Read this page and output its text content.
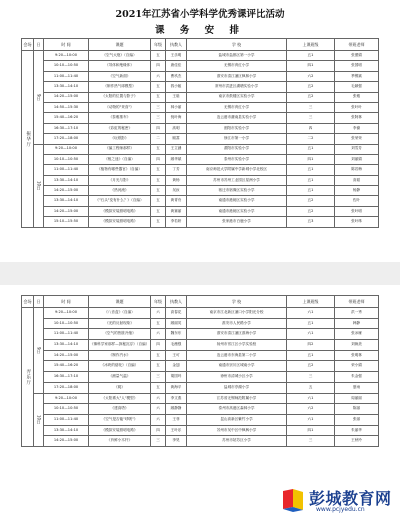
2021年江苏省小学科学优秀课评比活动
课 务 安 排
会场	日	时 间	课题	年级	执教人	学 校	上课班级	带班老师
振华厅	9日	9:20—10:00	《空气大炮》（自编）	五	王乐明	盐城市盐都区第一小学	五1	张蕾娟
		10:10—10:50	《导体和绝缘体》	四	唐佳佳	无锡市育红小学	四1	张国明
		11:00—11:40	《空气新面》	六	曹玖杰	淮安市清江浦区枫林小学	六2	季锡斌
		13:30—14:10	《制作热气球模型》	五	钱小姬	常州市武进区湖塘实验小学	五2	毛颖强
		14:20—15:00	《太阳的位置与影子》	五	王晗	南京市鼓楼区实验小学	五2	张雅
		14:50—15:30	《动物的"采食"》	三	林小丽	无锡市育红小学	三	张叶叶
		15:40—16:20	《泰雅推车》	三	倪叶海	连云港市灌南县实验小学	三	张阿林
		16:30—17:10	《彩虹的秘密》	四	高明	泗阳市实验小学	四	李谢
		17:20—18:00	《玩纸影》	二	顾蒿	徐江市第一小学	二2	张荣荣
	10日	9:20—10:00	《编工程师那样》	五	王立涵	溧阳市实验小学	五1	刘雪芳
		10:10—10:50	《相之迷》（自编）	四	顾华斌	泰州市实验小学	四1	刘丽娟
		11:00—11:40	《植物有哪些器官》（自编）	五	丁芳	南京师范大学附属中学新城小学北校区	五1	陈若梅
		13:30—14:10	《月光与影》	五	黄杨	苏州市苏州工业园区星洲小学	五1	高韬
		14:20—15:00	《热河流》	五	吴汝	宿迁市宿豫区实验小学	五1	杨静
		13:30—14:10	《"石头"变有什么？》（自编）	五	黄青舟	南通市港闸区实验小学	五2	佐叶
		14:20—15:00	《模拟安装照明电路》	五	黄赛丽	南通市港闸区实验小学	五2	张叶明
		15:10—15:50	《模拟安装照明电路》	五	李若妍	张家港市白鹿小学	五3	张叶珠
会场	日	时 间	课题	年级	执教人	学 校	上课班级	带班老师
弄乐厅	9日	9:20—10:00	《八音盒》（自编）	六	高春花	南京市江北新区浦口小学阳光分校	六1	洪一秀
		10:10—10:50	《光的反射现象》	五	顾丽英	淮安市人民路小学	五1	韩静
		11:00—11:40	《空气的热胀冷缩》	六	魏东东	淮安市清江浦区淮海小学	六1	张冰雁
		13:30—14:10	《像科学家那样—探秘沉浮》（自编）	四	毛薇强	扬州市邗江区小学实验校	四2	刘焕美
		14:20—15:00	《制作汽水》	五	王可	连云港市东海县第二小学	五1	张明林
		15:40—16:20	《冰块的熔化》（自编）	五	金翅	南通市崇川区城南小学	五2	荣小娟
		16:30—17:10	《测量气温》	三	胡国玛	徐州市清城小区小学	三	朱金强
		17:20—18:00	《爬》	五	黄海平	盐城市亭湖小学	五	夏雨
	10日	9:20—10:00	《太阳系大"人"模型》	六	李文燕	江苏省无锡师范附属小学	六1	周丽丽
		10:10—10:50	《建高塔》	六	顾静静	泰州市高港区森林小学	六2	陈丽
		11:00—11:40	《空气是否能"呼吸"》	六	王菲	昆山高新区紫竹小学	六1	张丽
		13:30—14:10	《模拟安装照明电路》	四	王叶乐	苏州市吴中区中枫枫小学	四1	朱丽华
		14:20—15:00	《肖鲜小木杆》	三	李昊	苏州市姑苏区小学	三	王秋玲
彭城教育网
www.pcjyedu.cn
